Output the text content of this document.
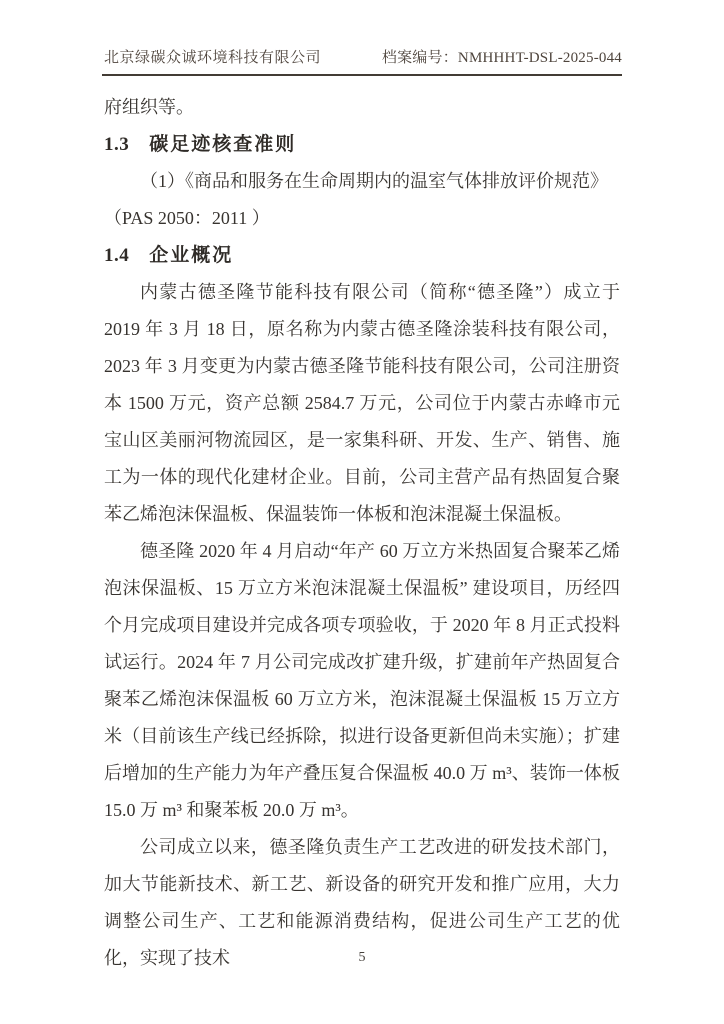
北京绿碳众诚环境科技有限公司	档案编号：NMHHHT-DSL-2025-044

府组织等。

1.3 碳足迹核查准则

（1）《商品和服务在生命周期内的温室气体排放评价规范》

（PAS 2050：2011 ）

1.4 企业概况

内蒙古德圣隆节能科技有限公司（简称“德圣隆”）成立于 2019 年 3 月 18 日，原名称为内蒙古德圣隆涂装科技有限公司，2023 年 3 月变更为内蒙古德圣隆节能科技有限公司，公司注册资本 1500 万元，资产总额 2584.7 万元，公司位于内蒙古赤峰市元宝山区美丽河物流园区，是一家集科研、开发、生产、销售、施工为一体的现代化建材企业。目前，公司主营产品有热固复合聚苯乙烯泡沫保温板、保温装饰一体板和泡沫混凝土保温板。

德圣隆 2020 年 4 月启动“年产 60 万立方米热固复合聚苯乙烯泡沫保温板、15 万立方米泡沫混凝土保温板” 建设项目，历经四个月完成项目建设并完成各项专项验收，于 2020 年 8 月正式投料试运行。2024 年 7 月公司完成改扩建升级，扩建前年产热固复合聚苯乙烯泡沫保温板 60 万立方米，泡沫混凝土保温板 15 万立方米（目前该生产线已经拆除，拟进行设备更新但尚未实施）；扩建后增加的生产能力为年产叠压复合保温板 40.0 万 m³、装饰一体板 15.0 万 m³ 和聚苯板 20.0 万 m³。

公司成立以来，德圣隆负责生产工艺改进的研发技术部门，加大节能新技术、新工艺、新设备的研究开发和推广应用，大力调整公司生产、工艺和能源消费结构，促进公司生产工艺的优化，实现了技术	5
